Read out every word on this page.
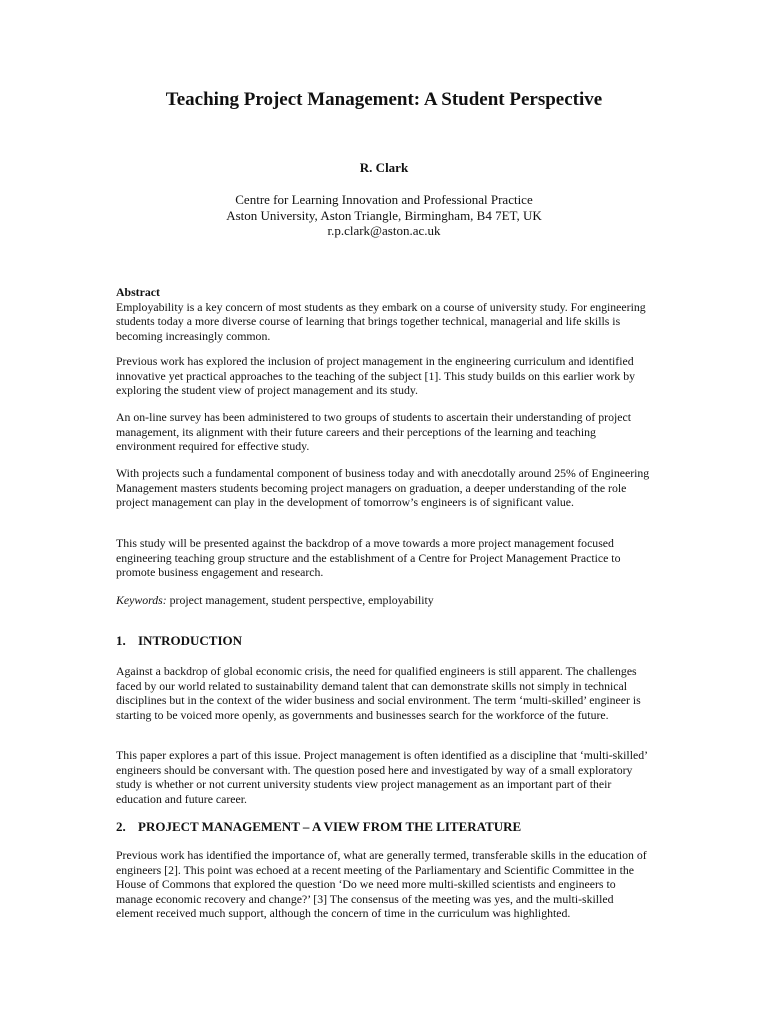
Teaching Project Management: A Student Perspective

R. Clark

Centre for Learning Innovation and Professional Practice
Aston University, Aston Triangle, Birmingham, B4 7ET, UK
r.p.clark@aston.ac.uk
Abstract
Employability is a key concern of most students as they embark on a course of university study. For engineering students today a more diverse course of learning that brings together technical, managerial and life skills is becoming increasingly common.

Previous work has explored the inclusion of project management in the engineering curriculum and identified innovative yet practical approaches to the teaching of the subject [1]. This study builds on this earlier work by exploring the student view of project management and its study.

An on-line survey has been administered to two groups of students to ascertain their understanding of project management, its alignment with their future careers and their perceptions of the learning and teaching environment required for effective study.

With projects such a fundamental component of business today and with anecdotally around 25% of Engineering Management masters students becoming project managers on graduation, a deeper understanding of the role project management can play in the development of tomorrow’s engineers is of significant value.

This study will be presented against the backdrop of a move towards a more project management focused engineering teaching group structure and the establishment of a Centre for Project Management Practice to promote business engagement and research.

Keywords: project management, student perspective, employability

1. INTRODUCTION

Against a backdrop of global economic crisis, the need for qualified engineers is still apparent. The challenges faced by our world related to sustainability demand talent that can demonstrate skills not simply in technical disciplines but in the context of the wider business and social environment. The term ‘multi-skilled’ engineer is starting to be voiced more openly, as governments and businesses search for the workforce of the future.

This paper explores a part of this issue. Project management is often identified as a discipline that ‘multi-skilled’ engineers should be conversant with. The question posed here and investigated by way of a small exploratory study is whether or not current university students view project management as an important part of their education and future career.

2. PROJECT MANAGEMENT – A VIEW FROM THE LITERATURE

Previous work has identified the importance of, what are generally termed, transferable skills in the education of engineers [2]. This point was echoed at a recent meeting of the Parliamentary and Scientific Committee in the House of Commons that explored the question ‘Do we need more multi-skilled scientists and engineers to manage economic recovery and change?’ [3] The consensus of the meeting was yes, and the multi-skilled element received much support, although the concern of time in the curriculum was highlighted.
